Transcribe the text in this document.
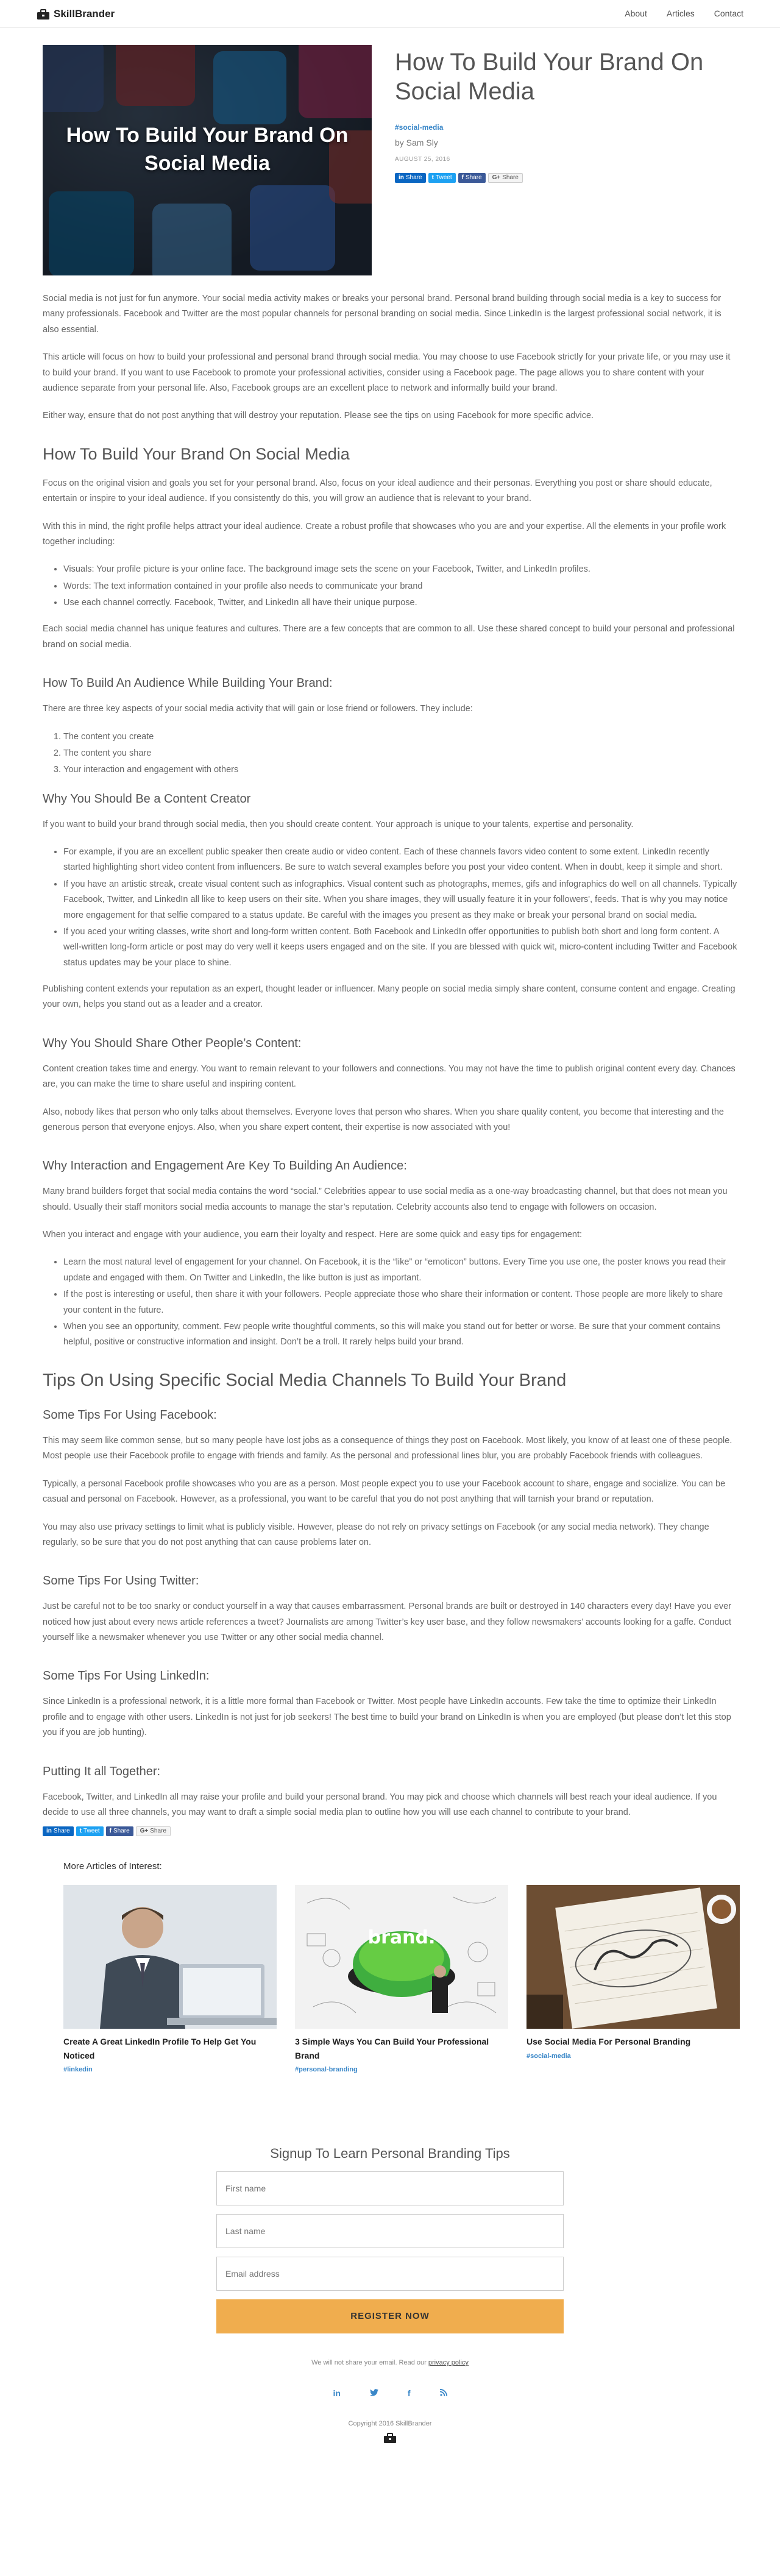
SkillBrander	About Articles Contact
How To Build Your Brand On Social Media
How To Build Your Brand On Social Media
#social-media
by Sam Sly
AUGUST 25, 2016
in Share t Tweet f Share G+ Share

Social media is not just for fun anymore. Your social media activity makes or breaks your personal brand. Personal brand building through social media is a key to success for many professionals. Facebook and Twitter are the most popular channels for personal branding on social media. Since LinkedIn is the largest professional social network, it is also essential.

This article will focus on how to build your professional and personal brand through social media. You may choose to use Facebook strictly for your private life, or you may use it to build your brand. If you want to use Facebook to promote your professional activities, consider using a Facebook page. The page allows you to share content with your audience separate from your personal life. Also, Facebook groups are an excellent place to network and informally build your brand.

Either way, ensure that do not post anything that will destroy your reputation. Please see the tips on using Facebook for more specific advice.

How To Build Your Brand On Social Media

Focus on the original vision and goals you set for your personal brand. Also, focus on your ideal audience and their personas. Everything you post or share should educate, entertain or inspire to your ideal audience. If you consistently do this, you will grow an audience that is relevant to your brand.

With this in mind, the right profile helps attract your ideal audience. Create a robust profile that showcases who you are and your expertise. All the elements in your profile work together including:

• Visuals: Your profile picture is your online face. The background image sets the scene on your Facebook, Twitter, and LinkedIn profiles.
• Words: The text information contained in your profile also needs to communicate your brand
• Use each channel correctly. Facebook, Twitter, and LinkedIn all have their unique purpose.

Each social media channel has unique features and cultures. There are a few concepts that are common to all. Use these shared concept to build your personal and professional brand on social media.

How To Build An Audience While Building Your Brand:

There are three key aspects of your social media activity that will gain or lose friend or followers. They include:

1. The content you create
2. The content you share
3. Your interaction and engagement with others
Why You Should Be a Content Creator

If you want to build your brand through social media, then you should create content. Your approach is unique to your talents, expertise and personality.

• For example, if you are an excellent public speaker then create audio or video content. Each of these channels favors video content to some extent. LinkedIn recently started highlighting short video content from influencers. Be sure to watch several examples before you post your video content. When in doubt, keep it simple and short.
• If you have an artistic streak, create visual content such as infographics. Visual content such as photographs, memes, gifs and infographics do well on all channels. Typically Facebook, Twitter, and LinkedIn all like to keep users on their site. When you share images, they will usually feature it in your followers', feeds. That is why you may notice more engagement for that selfie compared to a status update. Be careful with the images you present as they make or break your personal brand on social media.
• If you aced your writing classes, write short and long-form written content. Both Facebook and LinkedIn offer opportunities to publish both short and long form content. A well-written long-form article or post may do very well it keeps users engaged and on the site. If you are blessed with quick wit, micro-content including Twitter and Facebook status updates may be your place to shine.

Publishing content extends your reputation as an expert, thought leader or influencer. Many people on social media simply share content, consume content and engage. Creating your own, helps you stand out as a leader and a creator.

Why You Should Share Other People’s Content:

Content creation takes time and energy. You want to remain relevant to your followers and connections. You may not have the time to publish original content every day. Chances are, you can make the time to share useful and inspiring content.

Also, nobody likes that person who only talks about themselves. Everyone loves that person who shares. When you share quality content, you become that interesting and the generous person that everyone enjoys. Also, when you share expert content, their expertise is now associated with you!

Why Interaction and Engagement Are Key To Building An Audience:

Many brand builders forget that social media contains the word “social.” Celebrities appear to use social media as a one-way broadcasting channel, but that does not mean you should. Usually their staff monitors social media accounts to manage the star’s reputation. Celebrity accounts also tend to engage with followers on occasion.

When you interact and engage with your audience, you earn their loyalty and respect. Here are some quick and easy tips for engagement:

• Learn the most natural level of engagement for your channel. On Facebook, it is the “like” or “emoticon” buttons. Every Time you use one, the poster knows you read their update and engaged with them. On Twitter and LinkedIn, the like button is just as important.
• If the post is interesting or useful, then share it with your followers. People appreciate those who share their information or content. Those people are more likely to share your content in the future.
• When you see an opportunity, comment. Few people write thoughtful comments, so this will make you stand out for better or worse. Be sure that your comment contains helpful, positive or constructive information and insight. Don’t be a troll. It rarely helps build your brand.
Tips On Using Specific Social Media Channels To Build Your Brand
Some Tips For Using Facebook:

This may seem like common sense, but so many people have lost jobs as a consequence of things they post on Facebook. Most likely, you know of at least one of these people. Most people use their Facebook profile to engage with friends and family. As the personal and professional lines blur, you are probably Facebook friends with colleagues.

Typically, a personal Facebook profile showcases who you are as a person. Most people expect you to use your Facebook account to share, engage and socialize. You can be casual and personal on Facebook. However, as a professional, you want to be careful that you do not post anything that will tarnish your brand or reputation.

You may also use privacy settings to limit what is publicly visible. However, please do not rely on privacy settings on Facebook (or any social media network). They change regularly, so be sure that you do not post anything that can cause problems later on.

Some Tips For Using Twitter:

Just be careful not to be too snarky or conduct yourself in a way that causes embarrassment. Personal brands are built or destroyed in 140 characters every day! Have you ever noticed how just about every news article references a tweet? Journalists are among Twitter’s key user base, and they follow newsmakers’ accounts looking for a gaffe. Conduct yourself like a newsmaker whenever you use Twitter or any other social media channel.

Some Tips For Using LinkedIn:

Since LinkedIn is a professional network, it is a little more formal than Facebook or Twitter. Most people have LinkedIn accounts. Few take the time to optimize their LinkedIn profile and to engage with other users. LinkedIn is not just for job seekers! The best time to build your brand on LinkedIn is when you are employed (but please don’t let this stop you if you are job hunting).

Putting It all Together:

Facebook, Twitter, and LinkedIn all may raise your profile and build your personal brand. You may pick and choose which channels will best reach your ideal audience. If you decide to use all three channels, you may want to draft a simple social media plan to outline how you will use each channel to contribute to your brand.

in Share t Tweet f Share G+ Share
More Articles of Interest:
Create A Great LinkedIn Profile To Help Get You Noticed
#linkedin
brand.
3 Simple Ways You Can Build Your Professional Brand
#personal-branding
Use Social Media For Personal Branding
#social-media
Signup To Learn Personal Branding Tips
First name
Last name
Email address
REGISTER NOW
We will not share your email. Read our privacy policy
in	f
Copyright 2016 SkillBrander
